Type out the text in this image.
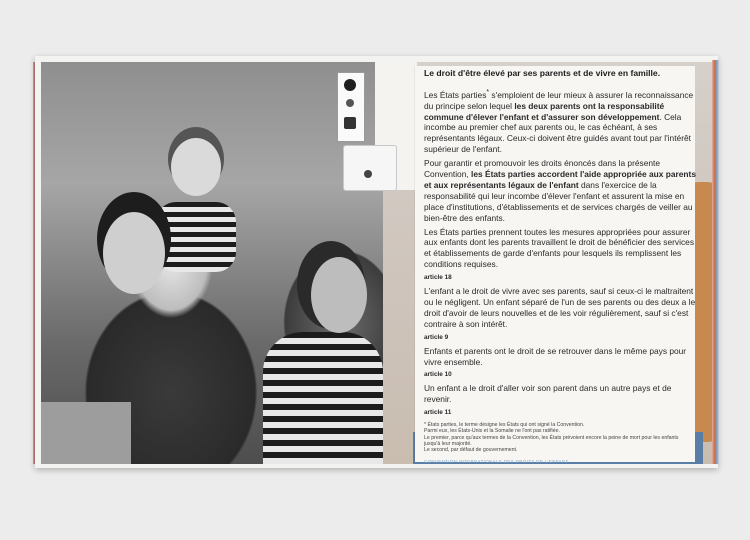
Le droit d'être élevé par ses parents et de vivre en famille.

Les États parties* s'emploient de leur mieux à assurer la reconnaissance du principe selon lequel les deux parents ont la responsabilité commune d'élever l'enfant et d'assurer son développement. Cela incombe au premier chef aux parents ou, le cas échéant, à ses représentants légaux. Ceux-ci doivent être guidés avant tout par l'intérêt supérieur de l'enfant.

Pour garantir et promouvoir les droits énoncés dans la présente Convention, les États parties accordent l'aide appropriée aux parents et aux représentants légaux de l'enfant dans l'exercice de la responsabilité qui leur incombe d'élever l'enfant et assurent la mise en place d'institutions, d'établissements et de services chargés de veiller au bien-être des enfants.

Les États parties prennent toutes les mesures appropriées pour assurer aux enfants dont les parents travaillent le droit de bénéficier des services et établissements de garde d'enfants pour lesquels ils remplissent les conditions requises.

article 18

L'enfant a le droit de vivre avec ses parents, sauf si ceux-ci le maltraitent ou le négligent. Un enfant séparé de l'un de ses parents ou des deux a le droit d'avoir de leurs nouvelles et de les voir régulièrement, sauf si c'est contraire à son intérêt.

article 9

Enfants et parents ont le droit de se retrouver dans le même pays pour vivre ensemble.

article 10

Un enfant a le droit d'aller voir son parent dans un autre pays et de revenir.

article 11

* États parties, le terme désigne les États qui ont signé la Convention.
Parmi eux, les États-Unis et la Somalie ne l'ont pas ratifiée.
Le premier, parce qu'aux termes de la Convention, les États prévoient encore la peine de mort pour les enfants jusqu'à leur majorité.
Le second, par défaut de gouvernement.

CONVENTION INTERNATIONALE DES DROITS DE L'ENFANT
